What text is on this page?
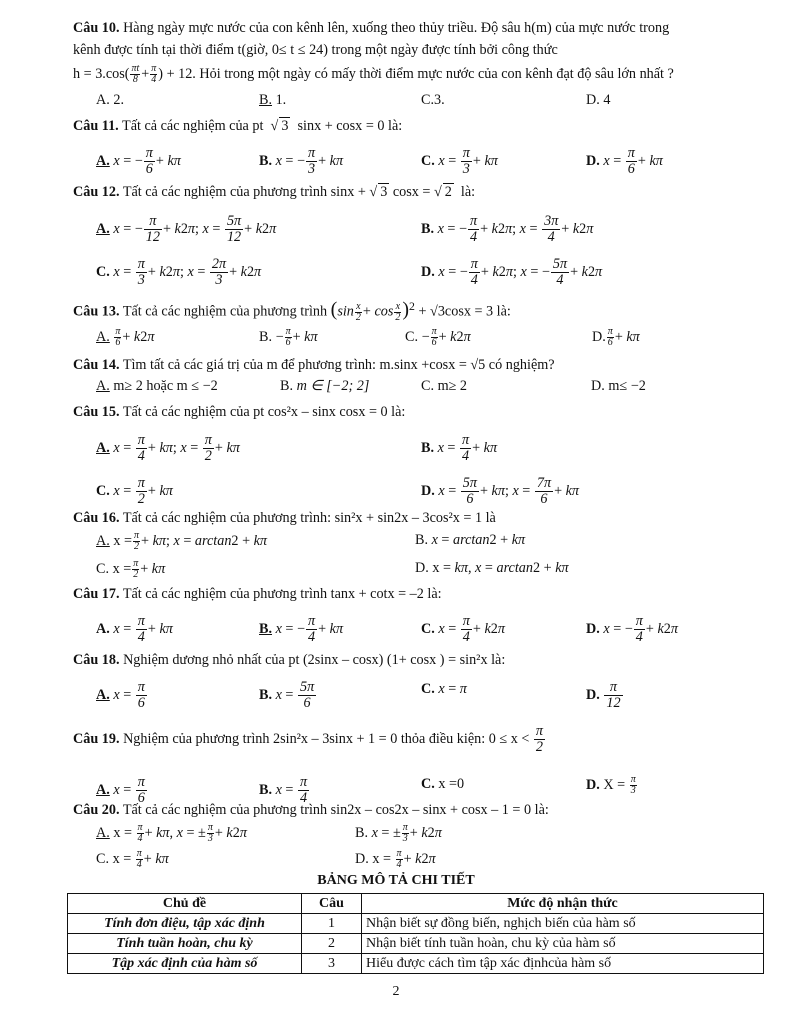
Câu 10. Hàng ngày mực nước của con kênh lên, xuống theo thủy triều. Độ sâu h(m) của mực nước trong
kênh được tính tại thời điểm t(giờ, 0≤ t ≤ 24) trong một ngày được tính bởi công thức
$h = 3.\cos( \frac{\pi t}{8} + \frac{\pi}{4}$ ) + 12. Hỏi trong một ngày có mấy thời điểm mực nước của con kênh đạt độ sâu lớn nhất ?
A. 2.	B. 1.	C.3.	D. 4
Câu 11. Tất cả các nghiệm của pt  √ 3 sinx + cosx = 0 là:
A. x = − $\frac{\pi}{6} + k\pi$	B. x = − $\frac{\pi}{3} + k\pi$	C. $x = \frac{\pi}{3} + k\pi$	D. $x = \frac{\pi}{6} + k\pi$
Câu 12. Tất cả các nghiệm của phương trình sinx + √ 3 cosx = √ 2 là:
A. x = − $\frac{\pi}{12} + k2\pi$; $x = \frac{5\pi}{12} + k2\pi$	B. x = − $\frac{\pi}{4} + k2\pi$; $x = \frac{3\pi}{4} + k2\pi$
C. $x = \frac{\pi}{3} + k2\pi$; $x = \frac{2\pi}{3} + k2\pi$	D. x = − $\frac{\pi}{4} + k2\pi$; x = − $\frac{5\pi}{4} + k2\pi$
Câu 13. Tất cả các nghiệm của phương trình $(\sin \frac{x}{2} + \cos \frac{x}{2} )^2 + √3\cos x = 3$ là:
A. $\frac{\pi}{6} + k2\pi$	B. − $\frac{\pi}{6} + k\pi$	C. − $\frac{\pi}{6} + k2\pi$	D. $\frac{\pi}{6} + k\pi$
Câu 14. Tìm tất cả các giá trị của m để phương trình: m.sinx +cosx = √5 có nghiệm?
A. m≥ 2 hoặc m ≤ −2	B. m ∈ [−2; 2]	C. m≥ 2	D. m≤ −2
Câu 15. Tất cả các nghiệm của pt cos²x – sinx cosx = 0 là:
A. $x = \frac{\pi}{4} + k\pi$; $x = \frac{\pi}{2} + k\pi$	B. $x = \frac{\pi}{4} + k\pi$
C. $x = \frac{\pi}{2} + k\pi$	D. $x = \frac{5\pi}{6} + k\pi$; $x = \frac{7\pi}{6} + k\pi$
Câu 16. Tất cả các nghiệm của phương trình: sin²x + sin2x – 3cos²x = 1 là
A. $x = \frac{\pi}{2} + k\pi$; x = arctan2 + kπ	B. x = arctan2 + kπ
C. $x = \frac{\pi}{2} + k\pi$	D. x = kπ, x = arctan2 + kπ
Câu 17. Tất cả các nghiệm của phương trình tanx + cotx = –2 là:
A. $x = \frac{\pi}{4} + k\pi$	B. x = − $\frac{\pi}{4} + k\pi$	C. $x = \frac{\pi}{4} + k2\pi$	D. x = − $\frac{\pi}{4} + k2\pi$
Câu 18. Nghiệm dương nhỏ nhất của pt (2sinx – cosx) (1+ cosx ) = sin²x là:
A. $x = \frac{\pi}{6}$	B. $x = \frac{5\pi}{6}$	C. x = π	D. $\frac{\pi}{12}$
Câu 19. Nghiệm của phương trình 2sin²x – 3sinx + 1 = 0 thỏa điều kiện: $0 \le x < \frac{\pi}{2}$
A. $x = \frac{\pi}{6}$	B. $x = \frac{\pi}{4}$	C. x =0	D. $X = \frac{\pi}{3}$
Câu 20. Tất cả các nghiệm của phương trình sin2x – cos2x – sinx + cosx – 1 = 0 là:
A. $x = \frac{\pi}{4} + k\pi$, x = ± $\frac{\pi}{3} + k2\pi$	B. x = ± $\frac{\pi}{3} + k2\pi$
C. $x = \frac{\pi}{4} + k\pi$	D. $x = \frac{\pi}{4} + k2\pi$
BẢNG MÔ TẢ CHI TIẾT
Chủ đề	Câu	Mức độ nhận thức
Tính đơn điệu, tập xác định	1	Nhận biết sự đồng biến, nghịch biến của hàm số
Tính tuần hoàn, chu kỳ	2	Nhận biết tính tuần hoàn, chu kỳ của hàm số
Tập xác định của hàm số	3	Hiểu được cách tìm tập xác địnhcủa hàm số
2
